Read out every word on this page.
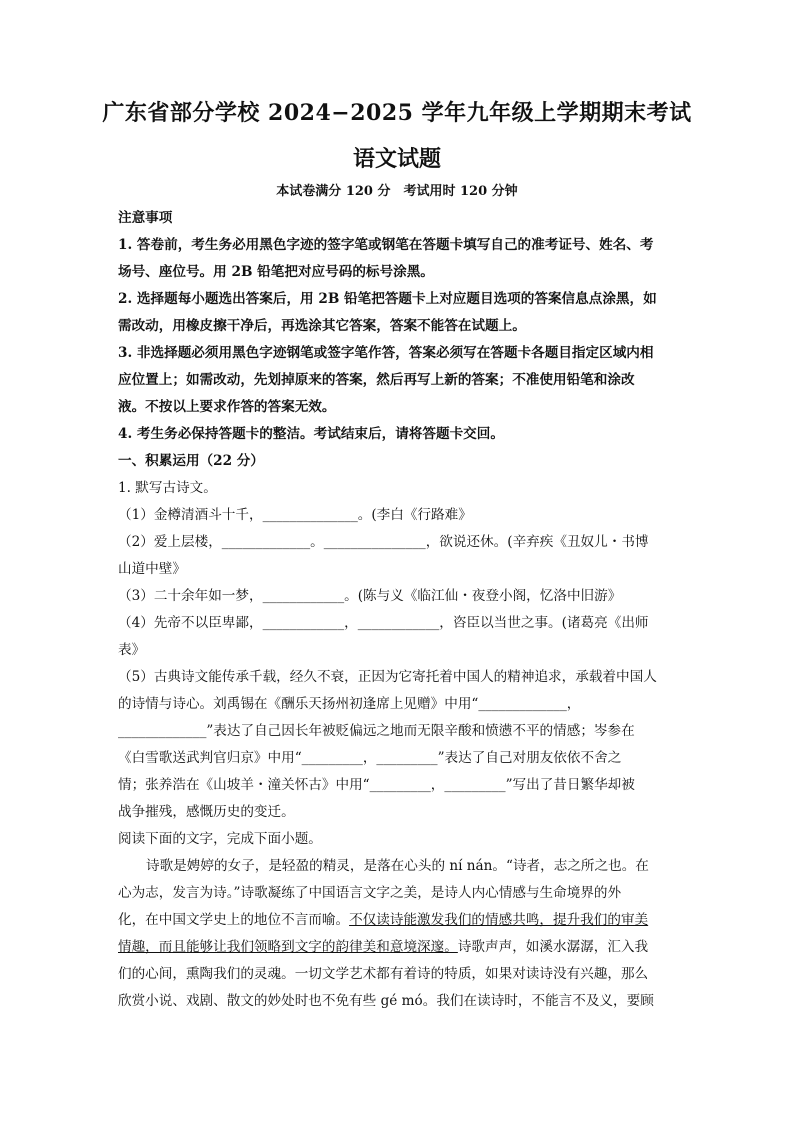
广东省部分学校 2024−2025 学年九年级上学期期末考试
语文试题
本试卷满分 120 分　考试用时 120 分钟
注意事项
1. 答卷前，考生务必用黑色字迹的签字笔或钢笔在答题卡填写自己的准考证号、姓名、考
场号、座位号。用 2B 铅笔把对应号码的标号涂黑。
2. 选择题每小题选出答案后，用 2B 铅笔把答题卡上对应题目选项的答案信息点涂黑，如
需改动，用橡皮擦干净后，再选涂其它答案，答案不能答在试题上。
3. 非选择题必须用黑色字迹钢笔或签字笔作答，答案必须写在答题卡各题目指定区域内相
应位置上；如需改动，先划掉原来的答案，然后再写上新的答案；不准使用铅笔和涂改
液。不按以上要求作答的答案无效。
4. 考生务必保持答题卡的整洁。考试结束后，请将答题卡交回。
一、积累运用（22 分）
1. 默写古诗文。
（1）金樽清酒斗十千，______________。(李白《行路难》
（2）爱上层楼，_____________。_______________，欲说还休。(辛弃疾《丑奴儿・书博
山道中壁》
（3）二十余年如一梦，____________。(陈与义《临江仙・夜登小阁，忆洛中旧游》
（4）先帝不以臣卑鄙，____________，____________，咨臣以当世之事。(诸葛亮《出师
表》
（5）古典诗文能传承千载，经久不衰，正因为它寄托着中国人的精神追求，承载着中国人
的诗情与诗心。刘禹锡在《酬乐天扬州初逢席上见赠》中用“_____________，
_____________”表达了自己因长年被贬偏远之地而无限辛酸和愤懑不平的情感；岑参在
《白雪歌送武判官归京》中用“_________，_________”表达了自己对朋友依依不舍之
情；张养浩在《山坡羊・潼关怀古》中用“_________，_________”写出了昔日繁华却被
战争摧残，感慨历史的变迁。
阅读下面的文字，完成下面小题。
诗歌是娉婷的女子，是轻盈的精灵，是落在心头的 ní nán。“诗者，志之所之也。在
心为志，发言为诗。”诗歌凝练了中国语言文字之美，是诗人内心情感与生命境界的外
化，在中国文学史上的地位不言而喻。不仅读诗能激发我们的情感共鸣，提升我们的审美
情趣，而且能够让我们领略到文字的韵律美和意境深邃。诗歌声声，如溪水潺潺，汇入我
们的心间，熏陶我们的灵魂。一切文学艺术都有着诗的特质，如果对读诗没有兴趣，那么
欣赏小说、戏剧、散文的妙处时也不免有些 gé mó。我们在读诗时，不能言不及义，要顾
